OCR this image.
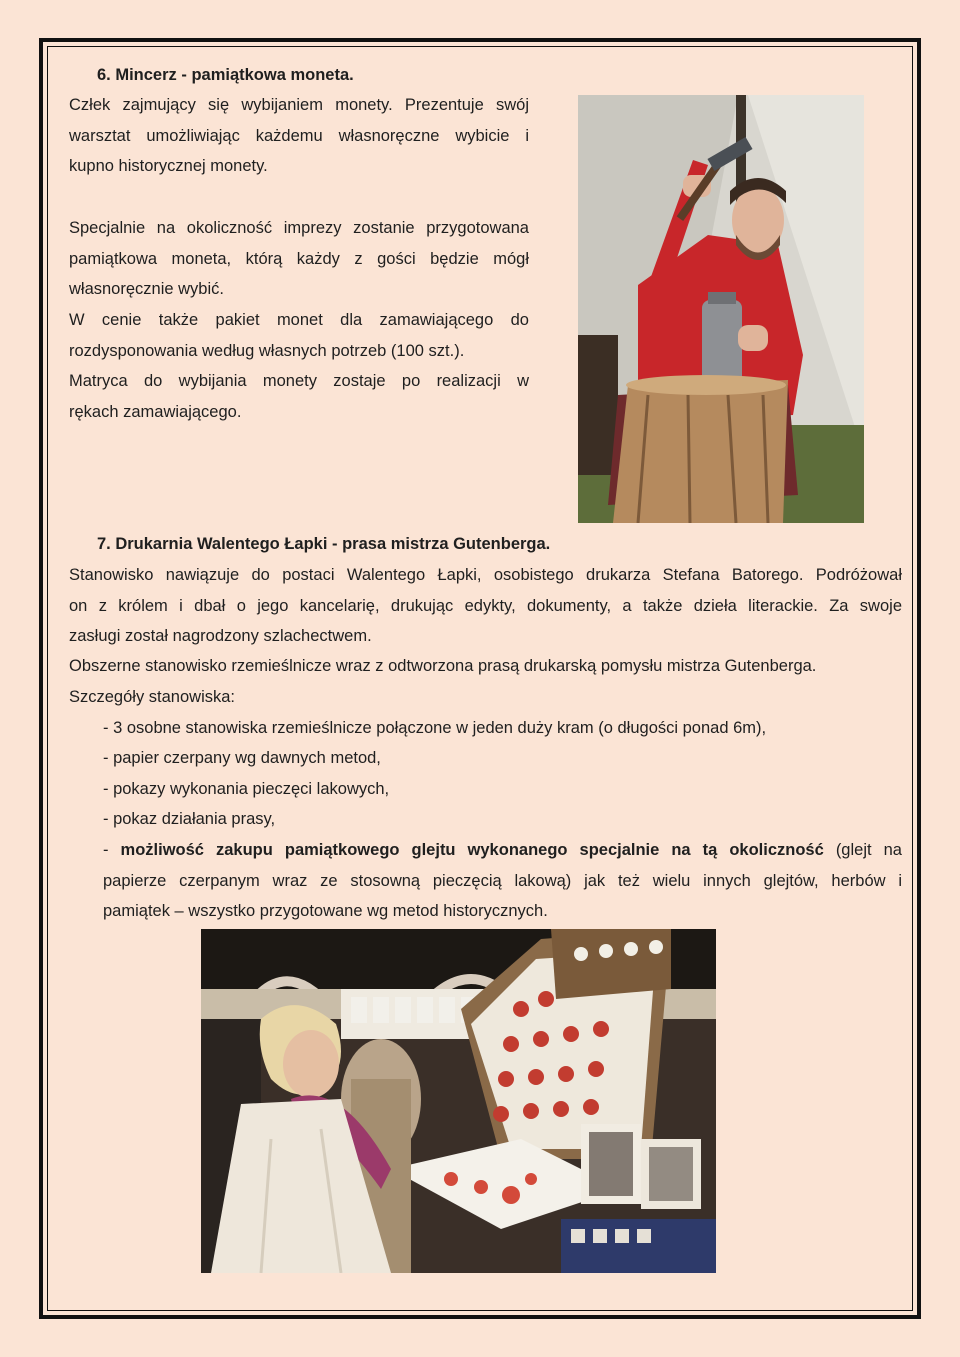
6. Mincerz - pamiątkowa moneta.

Człek zajmujący się wybijaniem monety. Prezentuje swój
warsztat umożliwiając każdemu własnoręczne wybicie i
kupno historycznej monety.
Specjalnie na okoliczność imprezy zostanie przygotowana
pamiątkowa moneta, którą każdy z gości będzie mógł
własnoręcznie wybić.
W cenie także pakiet monet dla zamawiającego do
rozdysponowania według własnych potrzeb (100 szt.).
Matryca do wybijania monety zostaje po realizacji w
rękach zamawiającego.

7. Drukarnia Walentego Łapki - prasa mistrza Gutenberga.

Stanowisko nawiązuje do postaci Walentego Łapki, osobistego drukarza Stefana Batorego. Podróżował
on z królem i dbał o jego kancelarię, drukując edykty, dokumenty, a także dzieła literackie. Za swoje
zasługi został nagrodzony szlachectwem.

Obszerne stanowisko rzemieślnicze wraz z odtworzona prasą drukarską pomysłu mistrza Gutenberga.

Szczegóły stanowiska:

- 3 osobne stanowiska rzemieślnicze połączone w jeden duży kram (o długości ponad 6m),

- papier czerpany wg dawnych metod,

- pokazy wykonania pieczęci lakowych,

- pokaz działania prasy,

- możliwość zakupu pamiątkowego glejtu wykonanego specjalnie na tą okoliczność (glejt na
papierze czerpanym wraz ze stosowną pieczęcią lakową) jak też wielu innych glejtów, herbów i
pamiątek – wszystko przygotowane wg metod historycznych.
